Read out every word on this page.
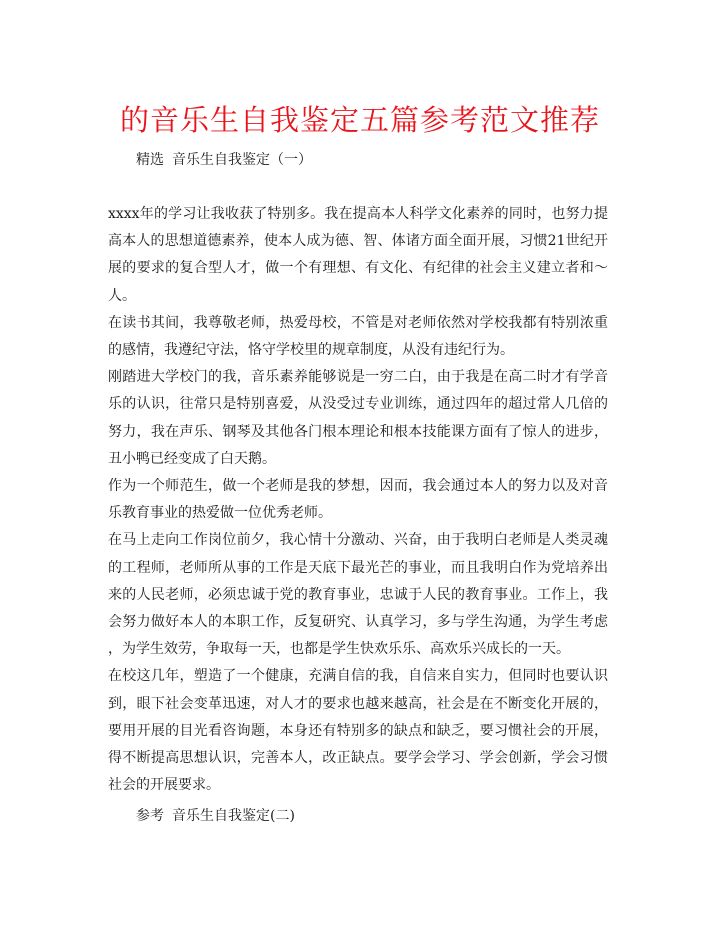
的音乐生自我鉴定五篇参考范文推荐
精选 音乐生自我鉴定（一）

xxxx年的学习让我收获了特别多。我在提高本人科学文化素养的同时，也努力提
高本人的思想道德素养，使本人成为德、智、体诸方面全面开展，习惯21世纪开
展的要求的复合型人才，做一个有理想、有文化、有纪律的社会主义建立者和～
人。

在读书其间，我尊敬老师，热爱母校，不管是对老师依然对学校我都有特别浓重
的感情，我遵纪守法，恪守学校里的规章制度，从没有违纪行为。

刚踏进大学校门的我，音乐素养能够说是一穷二白，由于我是在高二时才有学音
乐的认识，往常只是特别喜爱，从没受过专业训练，通过四年的超过常人几倍的
努力，我在声乐、钢琴及其他各门根本理论和根本技能课方面有了惊人的进步，
丑小鸭已经变成了白天鹅。

作为一个师范生，做一个老师是我的梦想，因而，我会通过本人的努力以及对音
乐教育事业的热爱做一位优秀老师。

在马上走向工作岗位前夕，我心情十分激动、兴奋，由于我明白老师是人类灵魂
的工程师，老师所从事的工作是天底下最光芒的事业，而且我明白作为党培养出
来的人民老师，必须忠诚于党的教育事业，忠诚于人民的教育事业。工作上，我
会努力做好本人的本职工作，反复研究、认真学习，多与学生沟通，为学生考虑
，为学生效劳，争取每一天，也都是学生快欢乐乐、高欢乐兴成长的一天。

在校这几年，塑造了一个健康，充满自信的我，自信来自实力，但同时也要认识
到，眼下社会变革迅速，对人才的要求也越来越高，社会是在不断变化开展的，
要用开展的目光看咨询题，本身还有特别多的缺点和缺乏，要习惯社会的开展，
得不断提高思想认识，完善本人，改正缺点。要学会学习、学会创新，学会习惯
社会的开展要求。

参考 音乐生自我鉴定(二)
